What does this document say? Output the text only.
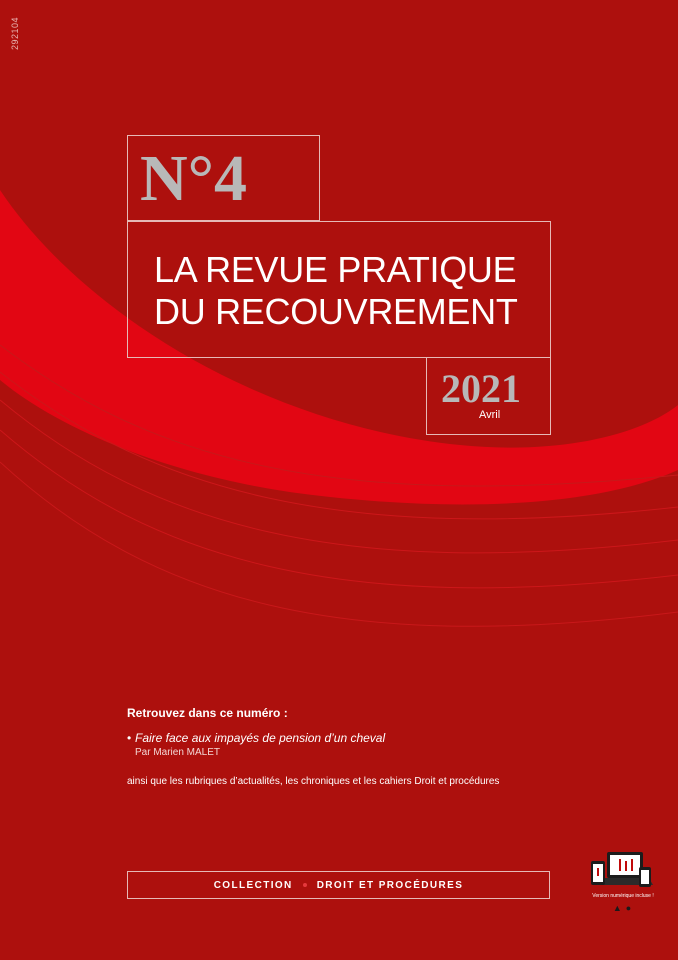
292104
N°4
LA REVUE PRATIQUE
DU RECOUVREMENT
2021
Avril
Retrouvez dans ce numéro :
• Faire face aux impayés de pension d’un cheval
Par Marien MALET
ainsi que les rubriques d’actualités, les chroniques et les cahiers Droit et procédures
COLLECTION DROIT ET PROCÉDURES
Version numérique incluse !
▲ ●
